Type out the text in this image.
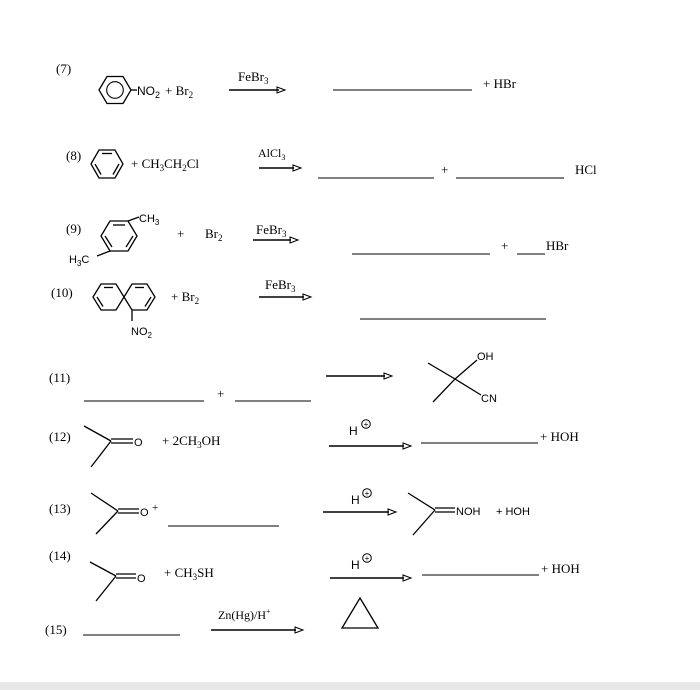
(7)
$NO_2 + Br_2$
FeBr$_3$	+ HBr
(8)
+ $CH_3CH_2Cl$
AlCl$_3$
+	HCl
(9)
$CH_3$
$H_3C$
+ $Br_2$
FeBr$_3$
+	HBr
(10)
$NO_2$
+ $Br_2$
FeBr$_3$
(11)
+
OH
CN
(12)	$O + 2CH_3OH$
H +
+ HOH
(13)	O +
H +
NOH + HOH
(14)
$O + CH_3SH$	H +
+ HOH
(15)
Zn(Hg)/H+
